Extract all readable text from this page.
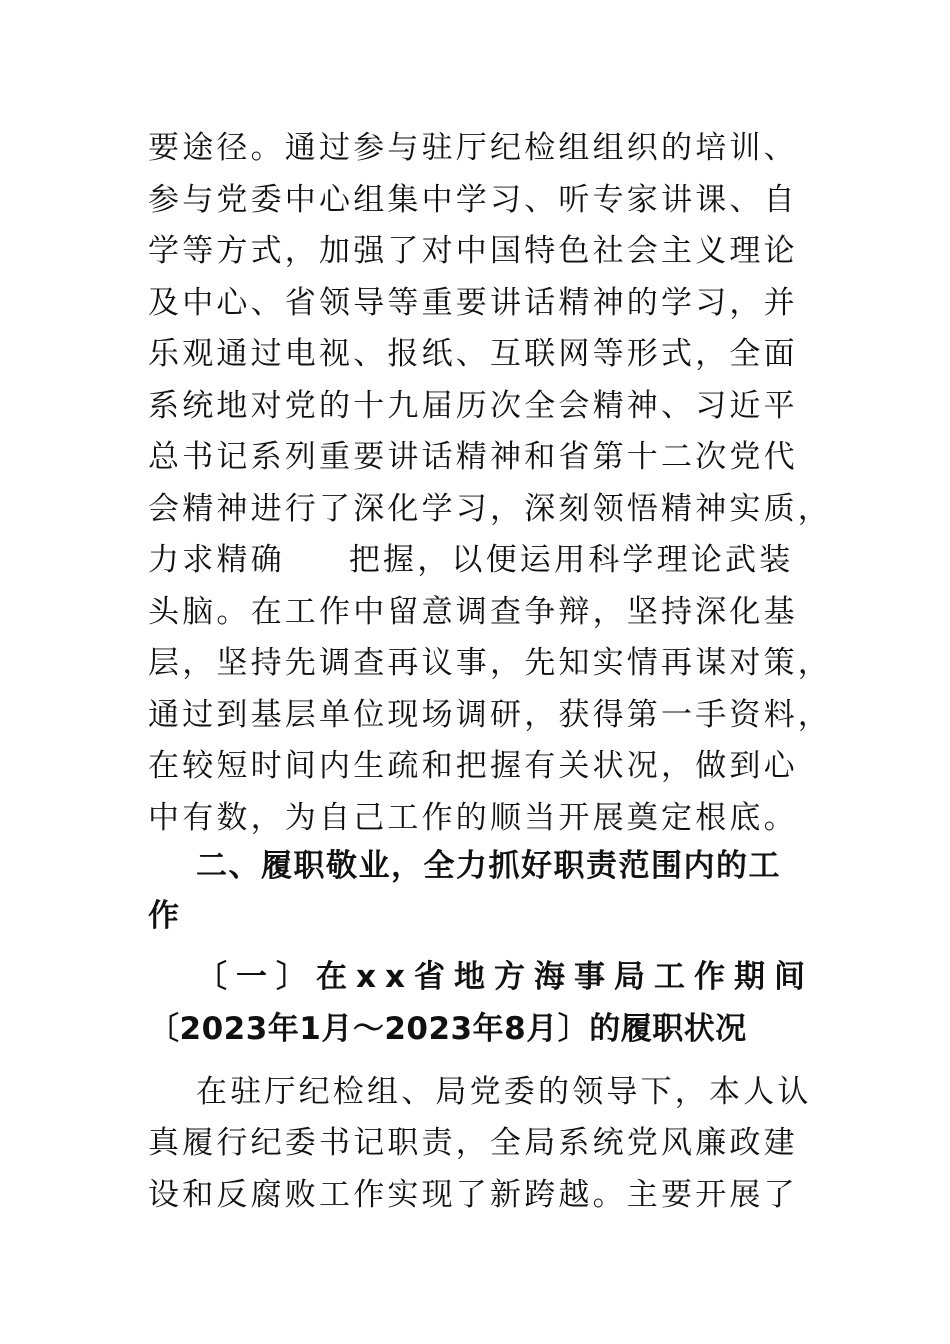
要途径。通过参与驻厅纪检组组织的培训、
参与党委中心组集中学习、听专家讲课、自
学等方式，加强了对中国特色社会主义理论
及中心、省领导等重要讲话精神的学习，并
乐观通过电视、报纸、互联网等形式，全面
系统地对党的十九届历次全会精神、习近平
总书记系列重要讲话精神和省第十二次党代
会精神进行了深化学习，深刻领悟精神实质，
力求精确 把握，以便运用科学理论武装
头脑。在工作中留意调查争辩，坚持深化基
层，坚持先调查再议事，先知实情再谋对策，
通过到基层单位现场调研，获得第一手资料，
在较短时间内生疏和把握有关状况，做到心
中有数，为自己工作的顺当开展奠定根底。
二、履职敬业，全力抓好职责范围内的工
作
〔一〕在xx省地方海事局工作期间
〔2023年1月～2023年8月〕的履职状况
在驻厅纪检组、局党委的领导下，本人认
真履行纪委书记职责，全局系统党风廉政建
设和反腐败工作实现了新跨越。主要开展了
